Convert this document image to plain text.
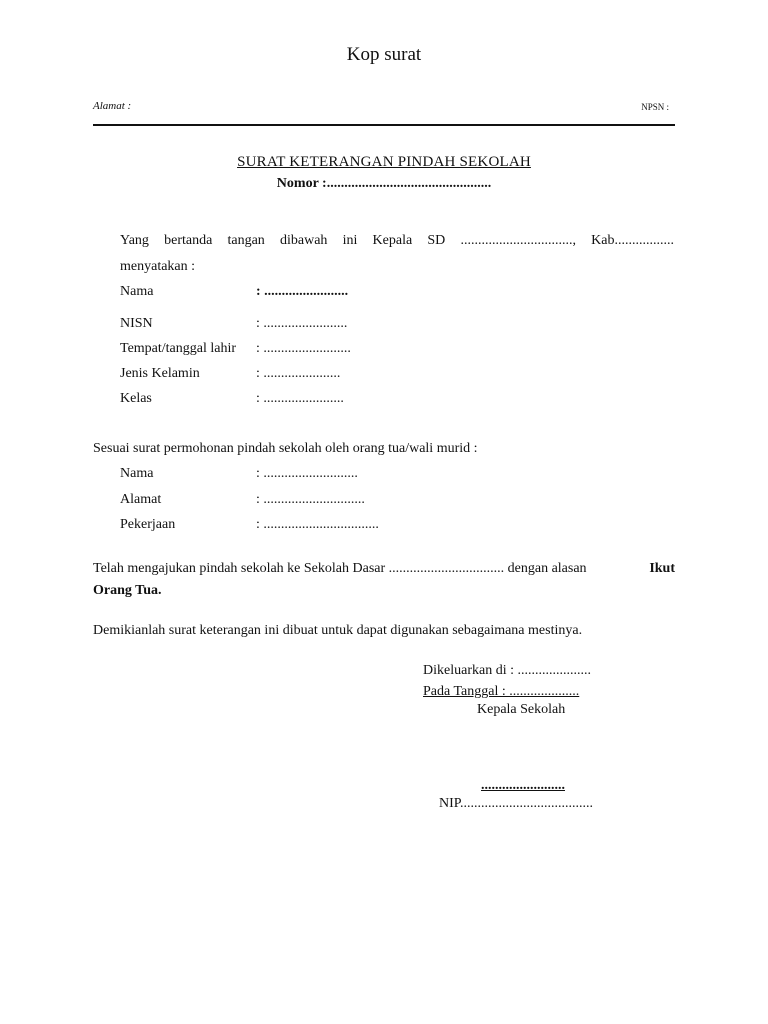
Kop surat
Alamat :	NPSN :
SURAT KETERANGAN PINDAH SEKOLAH
Nomor :...............................................
Yang bertanda tangan dibawah ini Kepala SD ................................, Kab.................
menyatakan :
Nama	: ........................
NISN	: ........................
Tempat/tanggal lahir : .........................
Jenis Kelamin	: ......................
Kelas	: .......................
Sesuai surat permohonan pindah sekolah oleh orang tua/wali murid :
Nama	: ...........................
Alamat	: .............................
Pekerjaan	: .................................
Telah mengajukan pindah sekolah ke Sekolah Dasar ................................. dengan alasan	Ikut
Orang Tua.
Demikianlah surat keterangan ini dibuat untuk dapat digunakan sebagaimana mestinya.
Dikeluarkan di : .....................
Pada Tanggal : ....................
Kepala Sekolah
........................
NIP......................................
